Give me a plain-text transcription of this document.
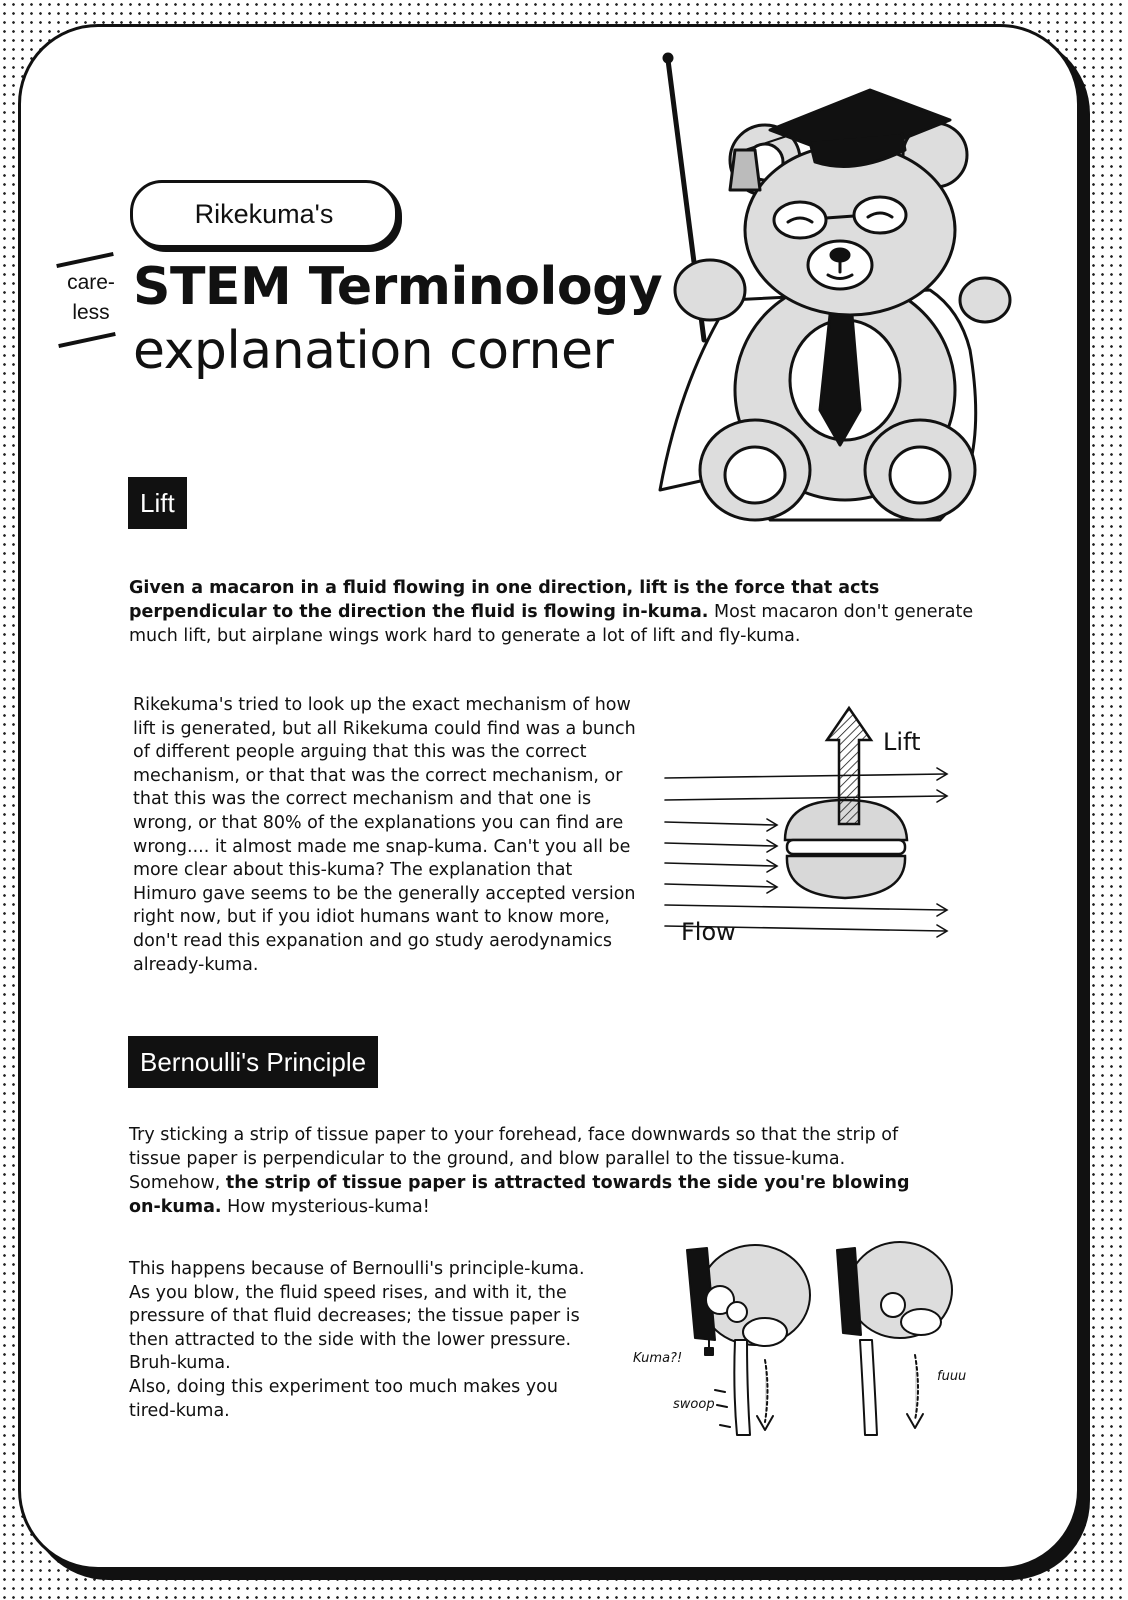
Rikekuma's
care-
less STEM Terminology
explanation corner
Lift
Given a macaron in a fluid flowing in one direction, lift is the force that acts perpendicular to the direction the fluid is flowing in-kuma. Most macaron don't generate much lift, but airplane wings work hard to generate a lot of lift and fly-kuma.
Rikekuma's tried to look up the exact mechanism of how lift is generated, but all Rikekuma could find was a bunch of different people arguing that this was the correct mechanism, or that that was the correct mechanism, or that this was the correct mechanism and that one is wrong, or that 80% of the explanations you can find are wrong.... it almost made me snap-kuma. Can't you all be more clear about this-kuma? The explanation that Himuro gave seems to be the generally accepted version right now, but if you idiot humans want to know more, don't read this expanation and go study aerodynamics already-kuma.
Lift
Flow
Bernoulli's Principle
Try sticking a strip of tissue paper to your forehead, face downwards so that the strip of tissue paper is perpendicular to the ground, and blow parallel to the tissue-kuma. Somehow, the strip of tissue paper is attracted towards the side you're blowing on-kuma. How mysterious-kuma!
This happens because of Bernoulli's principle-kuma.
As you blow, the fluid speed rises, and with it, the
pressure of that fluid decreases; the tissue paper is
then attracted to the side with the lower pressure.
Bruh-kuma.
Also, doing this experiment too much makes you
tired-kuma.
Kuma?!
swoop
fuuu
